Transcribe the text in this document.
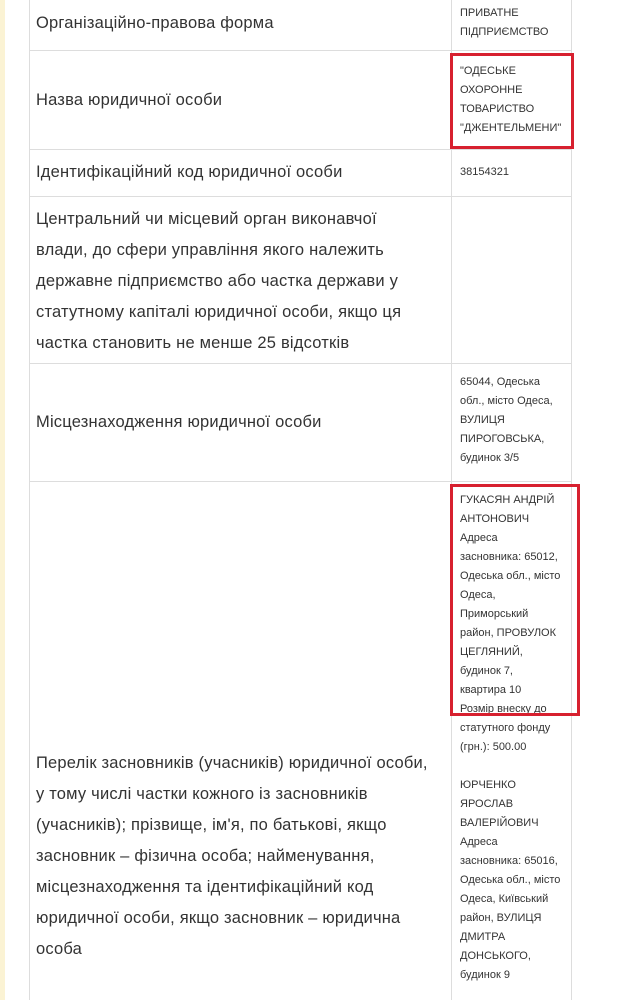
Організаційно-правова форма

ПРИВАТНЕ
ПІДПРИЄМСТВО

Назва юридичної особи

"ОДЕСЬКЕ
ОХОРОННЕ
ТОВАРИСТВО
"ДЖЕНТЕЛЬМЕНИ"

Ідентифікаційний код юридичної особи	38154321

Центральний чи місцевий орган виконавчої
влади, до сфери управління якого належить
державне підприємство або частка держави у
статутному капіталі юридичної особи, якщо ця
частка становить не менше 25 відсотків

Місцезнаходження юридичної особи

65044, Одеська
обл., місто Одеса,
ВУЛИЦЯ
ПИРОГОВСЬКА,
будинок 3/5

Перелік засновників (учасників) юридичної особи,
у тому числі частки кожного із засновників
(учасників); прізвище, ім'я, по батькові, якщо
засновник – фізична особа; найменування,
місцезнаходження та ідентифікаційний код
юридичної особи, якщо засновник – юридична
особа

ГУКАСЯН АНДРІЙ
АНТОНОВИЧ
Адреса
засновника: 65012,
Одеська обл., місто
Одеса,
Приморський
район, ПРОВУЛОК
ЦЕГЛЯНИЙ,
будинок 7,
квартира 10
Розмір внеску до
статутного фонду
(грн.): 500.00
ЮРЧЕНКО
ЯРОСЛАВ
ВАЛЕРІЙОВИЧ
Адреса
засновника: 65016,
Одеська обл., місто
Одеса, Київський
район, ВУЛИЦЯ
ДМИТРА
ДОНСЬКОГО,
будинок 9
